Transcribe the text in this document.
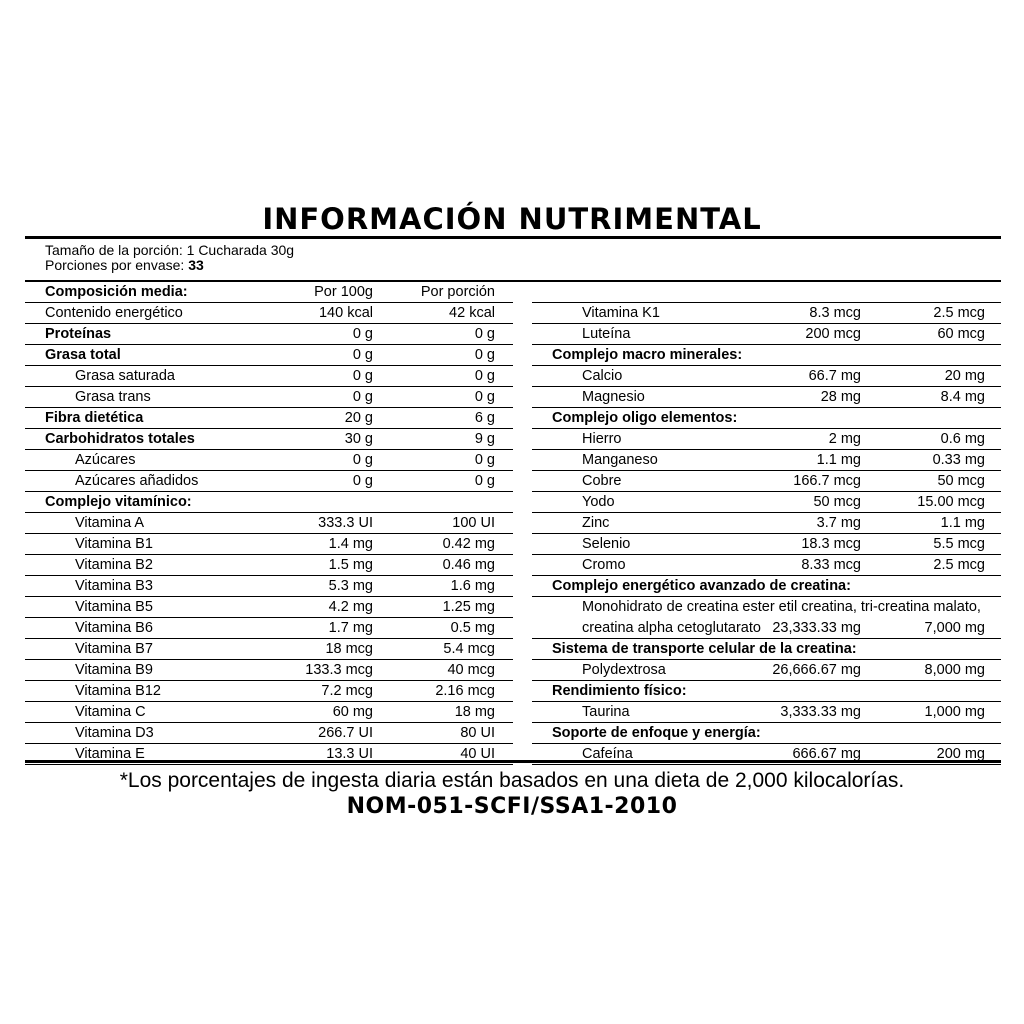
INFORMACIÓN NUTRIMENTAL
Tamaño de la porción: 1 Cucharada 30g
Porciones por envase: 33
Composición media:	Por 100g	Por porción
Contenido energético	140 kcal	42 kcal
Proteínas	0 g	0 g
Grasa total	0 g	0 g
Grasa saturada	0 g	0 g
Grasa trans	0 g	0 g
Fibra dietética	20 g	6 g
Carbohidratos totales	30 g	9 g
Azúcares	0 g	0 g
Azúcares añadidos	0 g	0 g
Complejo vitamínico:
Vitamina A	333.3 UI	100 UI
Vitamina B1	1.4 mg	0.42 mg
Vitamina B2	1.5 mg	0.46 mg
Vitamina B3	5.3 mg	1.6 mg
Vitamina B5	4.2 mg	1.25 mg
Vitamina B6	1.7 mg	0.5 mg
Vitamina B7	18 mcg	5.4 mcg
Vitamina B9	133.3 mcg	40 mcg
Vitamina B12	7.2 mcg	2.16 mcg
Vitamina C	60 mg	18 mg
Vitamina D3	266.7 UI	80 UI
Vitamina E	13.3 UI	40 UI
Vitamina K1	8.3 mcg	2.5 mcg
Luteína	200 mcg	60 mcg
Complejo macro minerales:
Calcio	66.7 mg	20 mg
Magnesio	28 mg	8.4 mg
Complejo oligo elementos:
Hierro	2 mg	0.6 mg
Manganeso	1.1 mg	0.33 mg
Cobre	166.7 mcg	50 mcg
Yodo	50 mcg	15.00 mcg
Zinc	3.7 mg	1.1 mg
Selenio	18.3 mcg	5.5 mcg
Cromo	8.33 mcg	2.5 mcg
Complejo energético avanzado de creatina:
Monohidrato de creatina ester etil creatina, tri-creatina malato,
creatina alpha cetoglutarato 23,333.33 mg	7,000 mg
Sistema de transporte celular de la creatina:
Polydextrosa	26,666.67 mg	8,000 mg
Rendimiento físico:
Taurina	3,333.33 mg	1,000 mg
Soporte de enfoque y energía:
Cafeína	666.67 mg	200 mg
*Los porcentajes de ingesta diaria están basados en una dieta de 2,000 kilocalorías.
NOM-051-SCFI/SSA1-2010
